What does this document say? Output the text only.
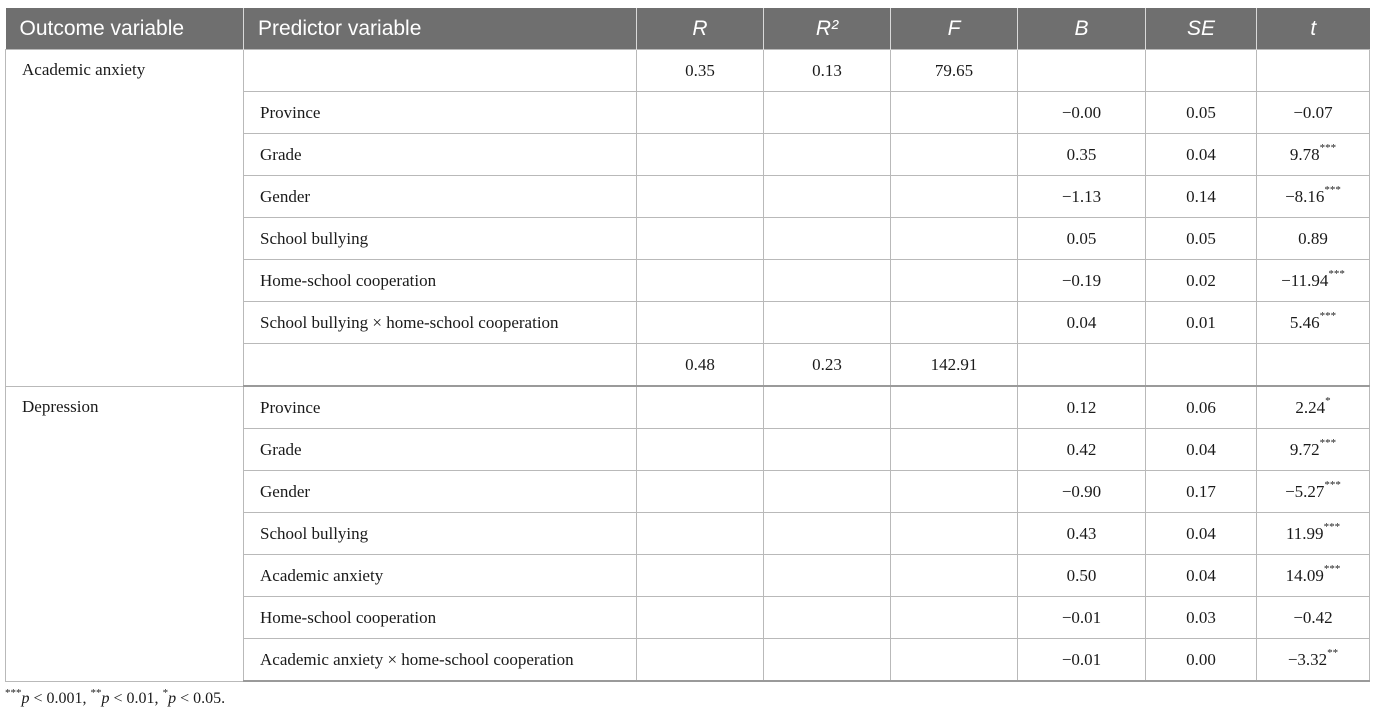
Outcome variable	Predictor variable	R	R²	F	B	SE	t
Academic anxiety		0.35	0.13	79.65			
	Province				−0.00	0.05	−0.07
	Grade				0.35	0.04	9.78***
	Gender				−1.13	0.14	−8.16***
	School bullying				0.05	0.05	0.89
	Home-school cooperation				−0.19	0.02	−11.94***
	School bullying × home-school cooperation				0.04	0.01	5.46***
		0.48	0.23	142.91			
Depression	Province				0.12	0.06	2.24*
	Grade				0.42	0.04	9.72***
	Gender				−0.90	0.17	−5.27***
	School bullying				0.43	0.04	11.99***
	Academic anxiety				0.50	0.04	14.09***
	Home-school cooperation				−0.01	0.03	−0.42
	Academic anxiety × home-school cooperation				−0.01	0.00	−3.32**
***p < 0.001, **p < 0.01, *p < 0.05.
